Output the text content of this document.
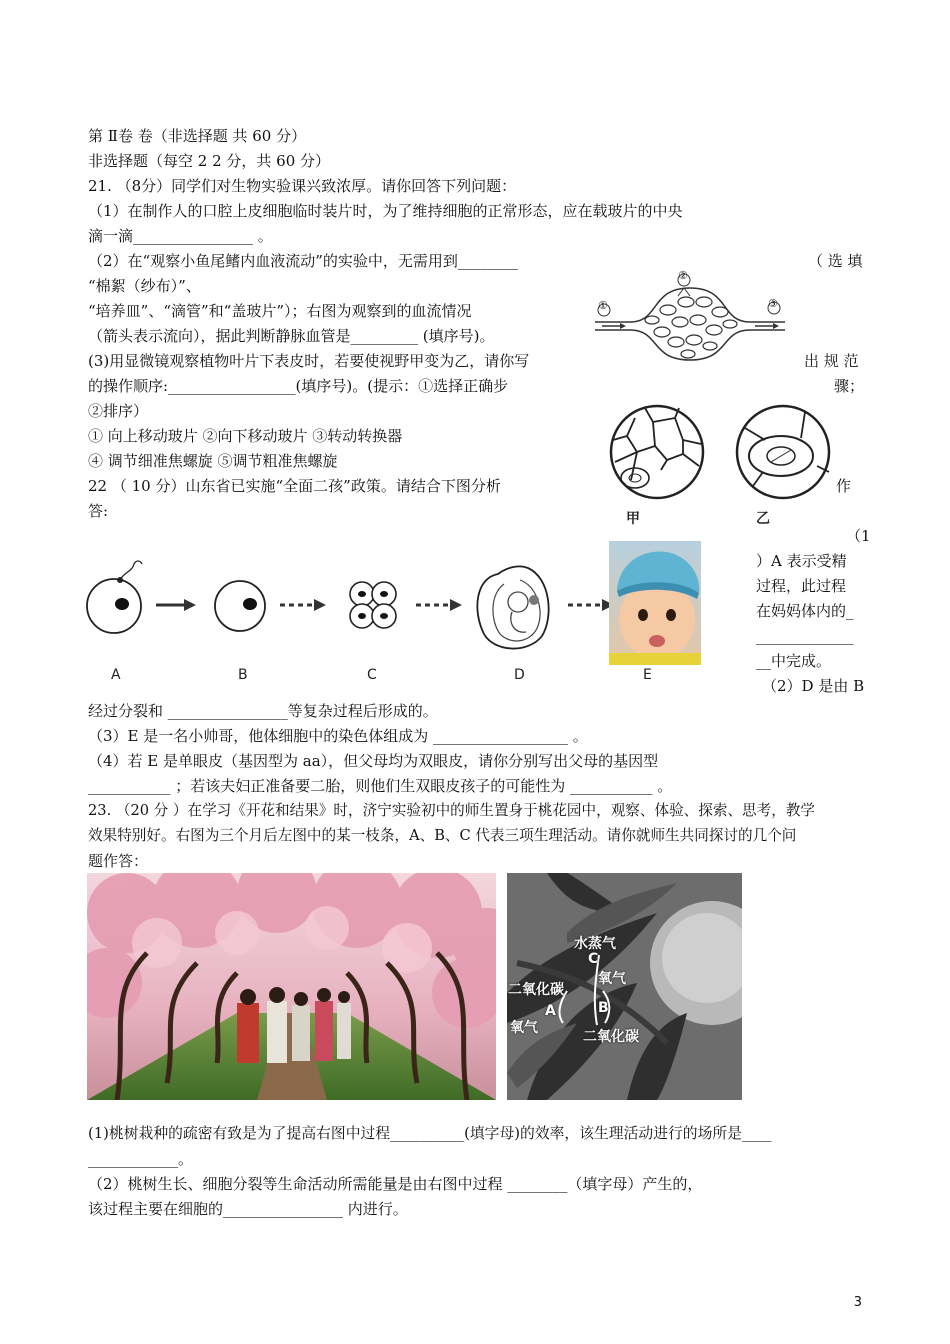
第 Ⅱ卷 卷（非选择题 共 60 分）
非选择题（每空 2 2 分，共 60 分）
21. （8分）同学们对生物实验课兴致浓厚。请你回答下列问题：
（1）在制作人的口腔上皮细胞临时装片时，为了维持细胞的正常形态，应在载玻片的中央
滴一滴________________ 。
（2）在“观察小鱼尾鳍内血液流动”的实验中，无需用到________	（ 选 填
“棉絮（纱布）”、
“培养皿”、“滴管”和“盖玻片”）；右图为观察到的血流情况
（箭头表示流向），据此判断静脉血管是_________ (填序号)。
(3)用显微镜观察植物叶片下表皮时，若要使视野甲变为乙，请你写	出 规 范
的操作顺序:_________________(填序号)。(提示：①选择正确步	骤；
②排序）
① 向上移动玻片 ②向下移动玻片 ③转动转换器
④ 调节细准焦螺旋 ⑤调节粗准焦螺旋
①
②
③
甲	乙
22 （ 10 分）山东省已实施“全面二孩”政策。请结合下图分析	作
答:
（1
）A 表示受精
过程，此过程
在妈妈体内的_
_____________
__中完成。
（2）D 是由 B
A	B	C	D	E
经过分裂和 ________________等复杂过程后形成的。
（3）E 是一名小帅哥，他体细胞中的染色体组成为 __________________ 。
（4）若 E 是单眼皮（基因型为 aa），但父母均为双眼皮，请你分别写出父母的基因型
___________ ；若该夫妇正准备要二胎，则他们生双眼皮孩子的可能性为 ___________ 。
23. （20 分 ）在学习《开花和结果》时，济宁实验初中的师生置身于桃花园中，观察、体验、探索、思考，教学
效果特别好。右图为三个月后左图中的某一枝条，A、B、C 代表三项生理活动。请你就师生共同探讨的几个问
题作答：
水蒸气
C
氧气
二氧化碳
B
A
氧气
二氧化碳
(1)桃树栽种的疏密有致是为了提高右图中过程__________(填字母)的效率，该生理活动进行的场所是____
____________。
（2）桃树生长、细胞分裂等生命活动所需能量是由右图中过程 ________（填字母）产生的，
该过程主要在细胞的________________ 内进行。
3
